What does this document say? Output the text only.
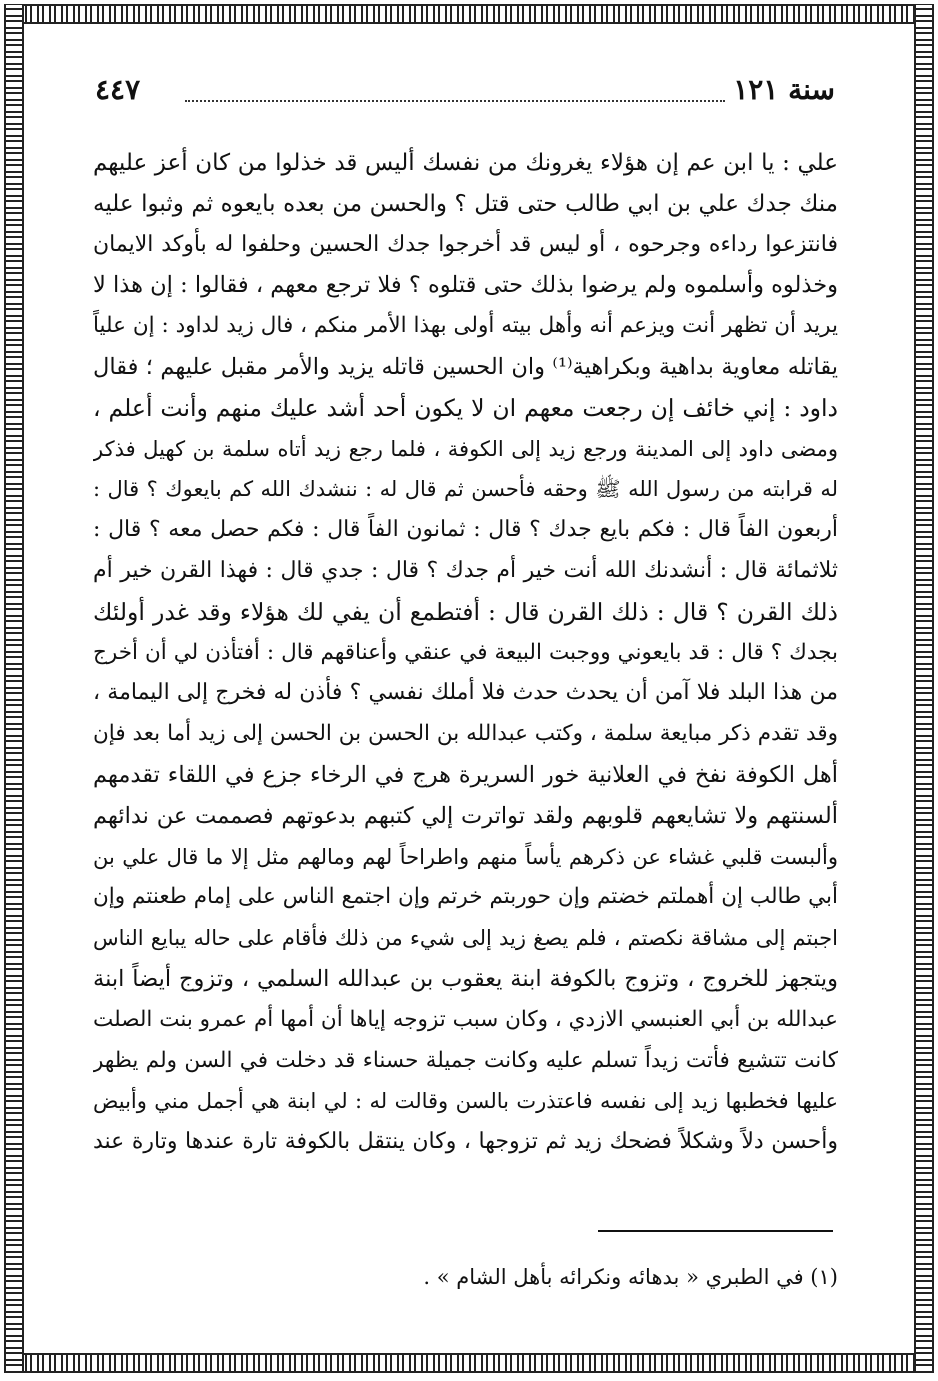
سنة ١٢١
٤٤٧
علي : يا ابن عم إن هؤلاء يغرونك من نفسك أليس قد خذلوا من كان أعز عليهم
منك جدك علي بن ابي طالب حتى قتل ؟ والحسن من بعده بايعوه ثم وثبوا عليه
فانتزعوا رداءه وجرحوه ، أو ليس قد أخرجوا جدك الحسين وحلفوا له بأوكد الايمان
وخذلوه وأسلموه ولم يرضوا بذلك حتى قتلوه ؟ فلا ترجع معهم ، فقالوا : إن هذا لا
يريد أن تظهر أنت ويزعم أنه وأهل بيته أولى بهذا الأمر منكم ، فال زيد لداود : إن علياً
يقاتله معاوية بداهية وبكراهية⁽¹⁾ وان الحسين قاتله يزيد والأمر مقبل عليهم ؛ فقال
داود : إني خائف إن رجعت معهم ان لا يكون أحد أشد عليك منهم وأنت أعلم ،
ومضى داود إلى المدينة ورجع زيد إلى الكوفة ، فلما رجع زيد أتاه سلمة بن كهيل فذكر
له قرابته من رسول الله ﷺ وحقه فأحسن ثم قال له : ننشدك الله كم بايعوك ؟ قال :
أربعون الفاً قال : فكم بايع جدك ؟ قال : ثمانون الفاً قال : فكم حصل معه ؟ قال :
ثلاثمائة قال : أنشدنك الله أنت خير أم جدك ؟ قال : جدي قال : فهذا القرن خير أم
ذلك القرن ؟ قال : ذلك القرن قال : أفتطمع أن يفي لك هؤلاء وقد غدر أولئك
بجدك ؟ قال : قد بايعوني ووجبت البيعة في عنقي وأعناقهم قال : أفتأذن لي أن أخرج
من هذا البلد فلا آمن أن يحدث حدث فلا أملك نفسي ؟ فأذن له فخرج إلى اليمامة ،
وقد تقدم ذكر مبايعة سلمة ، وكتب عبدالله بن الحسن بن الحسن إلى زيد أما بعد فإن
أهل الكوفة نفخ في العلانية خور السريرة هرج في الرخاء جزع في اللقاء تقدمهم
ألسنتهم ولا تشايعهم قلوبهم ولقد تواترت إلي كتبهم بدعوتهم فصممت عن ندائهم
وألبست قلبي غشاء عن ذكرهم يأساً منهم واطراحاً لهم ومالهم مثل إلا ما قال علي بن
أبي طالب إن أهملتم خضتم وإن حوربتم خرتم وإن اجتمع الناس على إمام طعنتم وإن
اجبتم إلى مشاقة نكصتم ، فلم يصغ زيد إلى شيء من ذلك فأقام على حاله يبايع الناس
ويتجهز للخروج ، وتزوج بالكوفة ابنة يعقوب بن عبدالله السلمي ، وتزوج أيضاً ابنة
عبدالله بن أبي العنبسي الازدي ، وكان سبب تزوجه إياها أن أمها أم عمرو بنت الصلت
كانت تتشيع فأتت زيداً تسلم عليه وكانت جميلة حسناء قد دخلت في السن ولم يظهر
عليها فخطبها زيد إلى نفسه فاعتذرت بالسن وقالت له : لي ابنة هي أجمل مني وأبيض
وأحسن دلاً وشكلاً فضحك زيد ثم تزوجها ، وكان ينتقل بالكوفة تارة عندها وتارة عند
(١) في الطبري « بدهائه ونكرائه بأهل الشام » .
